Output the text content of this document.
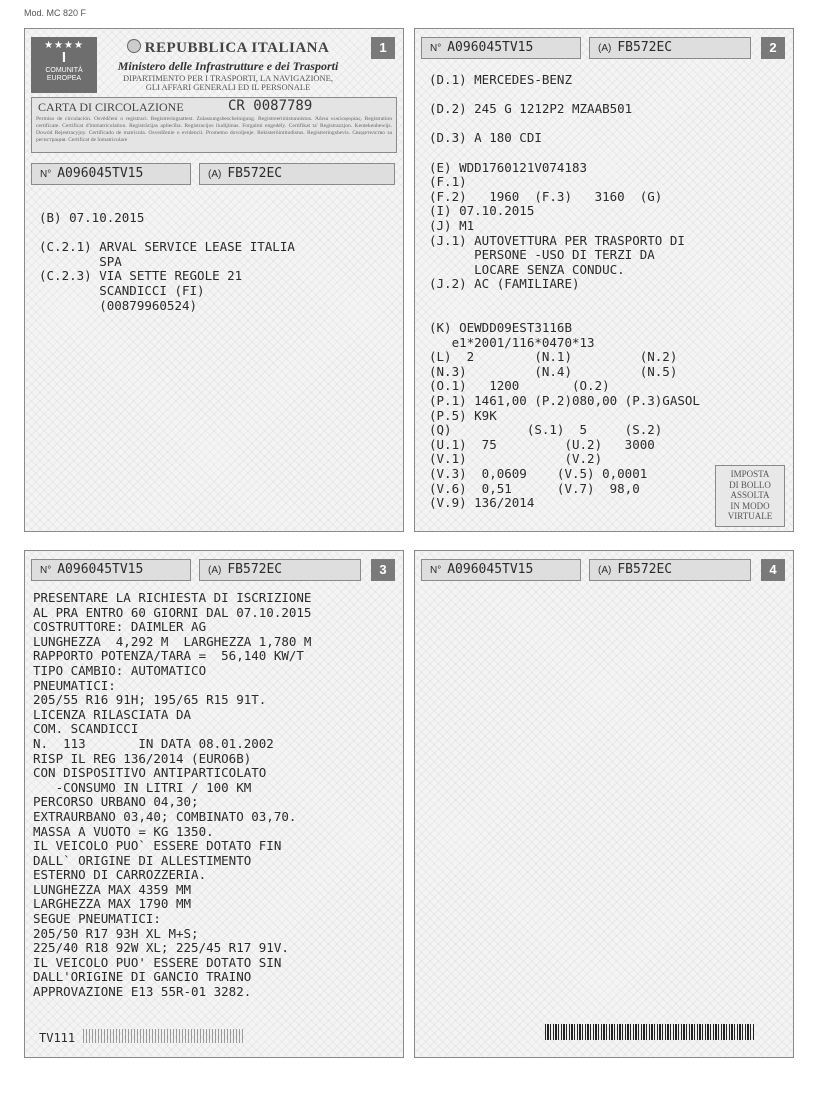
Mod. MC 820 F
★★★★
I
COMUNITÀ
EUROPEA
REPUBBLICA ITALIANA
Ministero delle Infrastrutture e dei Trasporti
DIPARTIMENTO PER I TRASPORTI, LA NAVIGAZIONE,
GLI AFFARI GENERALI ED IL PERSONALE
1
CARTA DI CIRCOLAZIONE	CR 0087789
Permiso de circulación. Osvědčení o registraci. Registreringsattest. Zulassungsbescheinigung. Registreerimistunnistus. Άδεια κυκλοφορίας. Registration certificate. Certificat d'immatriculation. Registrācijas apliecība. Registracijos liudijimas. Forgalmi engedély. Certifikat ta' Registrazzjon. Kentekenbewijs. Dowód Rejestracyjny. Certificado de matrícula. Osvedčenie o evidencii. Prometno dovoljenje. Rekisteröintitodistus. Registreringsbevis. Свидетелство за регистрация. Certificat de înmatriculare
N° A096045TV15	(A) FB572EC
(B) 07.10.2015

(C.2.1) ARVAL SERVICE LEASE ITALIA
SPA
(C.2.3) VIA SETTE REGOLE 21
SCANDICCI (FI)
(00879960524)
N° A096045TV15	(A) FB572EC	2
(D.1) MERCEDES-BENZ

(D.2) 245 G 1212P2 MZAAB501

(D.3) A 180 CDI

(E) WDD1760121V074183
(F.1)
(F.2)   1960  (F.3)   3160  (G)
(I) 07.10.2015
(J) M1
(J.1) AUTOVETTURA PER TRASPORTO DI
PERSONE -USO DI TERZI DA
LOCARE SENZA CONDUC.
(J.2) AC (FAMILIARE)

(K) OEWDD09EST3116B
e1*2001/116*0470*13
(L)  2        (N.1)         (N.2)
(N.3)         (N.4)         (N.5)
(O.1)   1200       (O.2)
(P.1) 1461,00 (P.2)080,00 (P.3)GASOL
(P.5) K9K
(Q)          (S.1)  5     (S.2)
(U.1)  75         (U.2)   3000
(V.1)             (V.2)
(V.3)  0,0609    (V.5) 0,0001
(V.6)  0,51      (V.7)  98,0
(V.9) 136/2014
IMPOSTA
DI BOLLO
ASSOLTA
IN MODO
VIRTUALE
N° A096045TV15	(A) FB572EC	3
PRESENTARE LA RICHIESTA DI ISCRIZIONE
AL PRA ENTRO 60 GIORNI DAL 07.10.2015
COSTRUTTORE: DAIMLER AG
LUNGHEZZA  4,292 M  LARGHEZZA 1,780 M
RAPPORTO POTENZA/TARA =  56,140 KW/T
TIPO CAMBIO: AUTOMATICO
PNEUMATICI:
205/55 R16 91H; 195/65 R15 91T.
LICENZA RILASCIATA DA
COM. SCANDICCI
N.  113       IN DATA 08.01.2002
RISP IL REG 136/2014 (EURO6B)
CON DISPOSITIVO ANTIPARTICOLATO
-CONSUMO IN LITRI / 100 KM
PERCORSO URBANO 04,30;
EXTRAURBANO 03,40; COMBINATO 03,70.
MASSA A VUOTO = KG 1350.
IL VEICOLO PUO` ESSERE DOTATO FIN
DALL` ORIGINE DI ALLESTIMENTO
ESTERNO DI CARROZZERIA.
LUNGHEZZA MAX 4359 MM
LARGHEZZA MAX 1790 MM
SEGUE PNEUMATICI:
205/50 R17 93H XL M+S;
225/40 R18 92W XL; 225/45 R17 91V.
IL VEICOLO PUO' ESSERE DOTATO SIN
DALL'ORIGINE DI GANCIO TRAINO
APPROVAZIONE E13 55R-01 3282.
TV111
N° A096045TV15	(A) FB572EC	4
